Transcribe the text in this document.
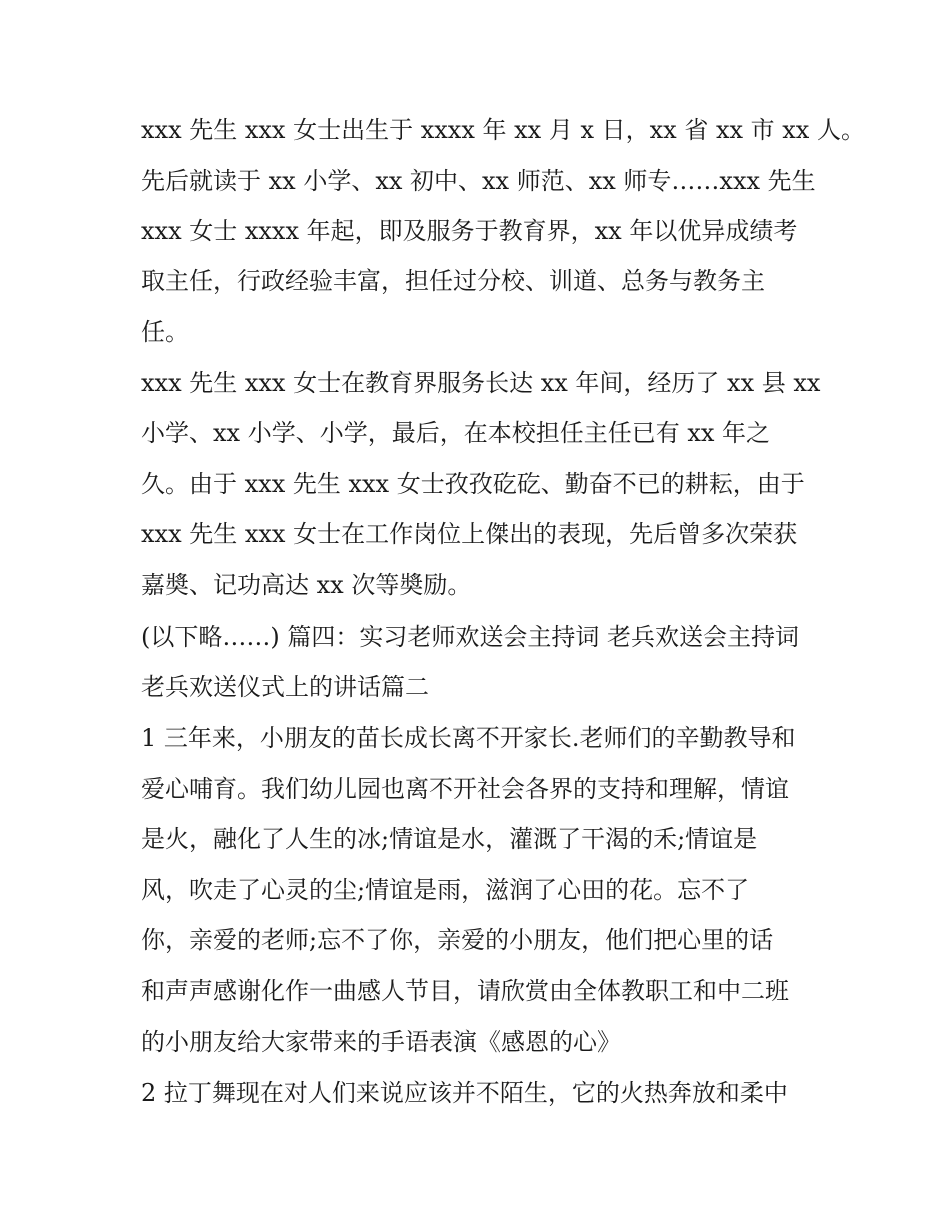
xxx 先生 xxx 女士出生于 xxxx 年 xx 月 x 日，xx 省 xx 市 xx 人。
先后就读于 xx 小学、xx 初中、xx 师范、xx 师专……xxx 先生
xxx 女士 xxxx 年起，即及服务于教育界，xx 年以优异成绩考
取主任，行政经验丰富，担任过分校、训道、总务与教务主
任。
xxx 先生 xxx 女士在教育界服务长达 xx 年间，经历了 xx 县 xx
小学、xx 小学、小学，最后，在本校担任主任已有 xx 年之
久。由于 xxx 先生 xxx 女士孜孜矻矻、勤奋不已的耕耘，由于
xxx 先生 xxx 女士在工作岗位上傑出的表现，先后曾多次荣获
嘉奬、记功高达 xx 次等奬励。
(以下略……) 篇四：实习老师欢送会主持词 老兵欢送会主持词
老兵欢送仪式上的讲话篇二
1 三年来，小朋友的苗长成长离不开家长.老师们的辛勤教导和
爱心哺育。我们幼儿园也离不开社会各界的支持和理解，情谊
是火，融化了人生的冰;情谊是水，灌溉了干渴的禾;情谊是
风，吹走了心灵的尘;情谊是雨，滋润了心田的花。忘不了
你，亲爱的老师;忘不了你，亲爱的小朋友，他们把心里的话
和声声感谢化作一曲感人节目，请欣赏由全体教职工和中二班
的小朋友给大家带来的手语表演《感恩的心》
2 拉丁舞现在对人们来说应该并不陌生，它的火热奔放和柔中
